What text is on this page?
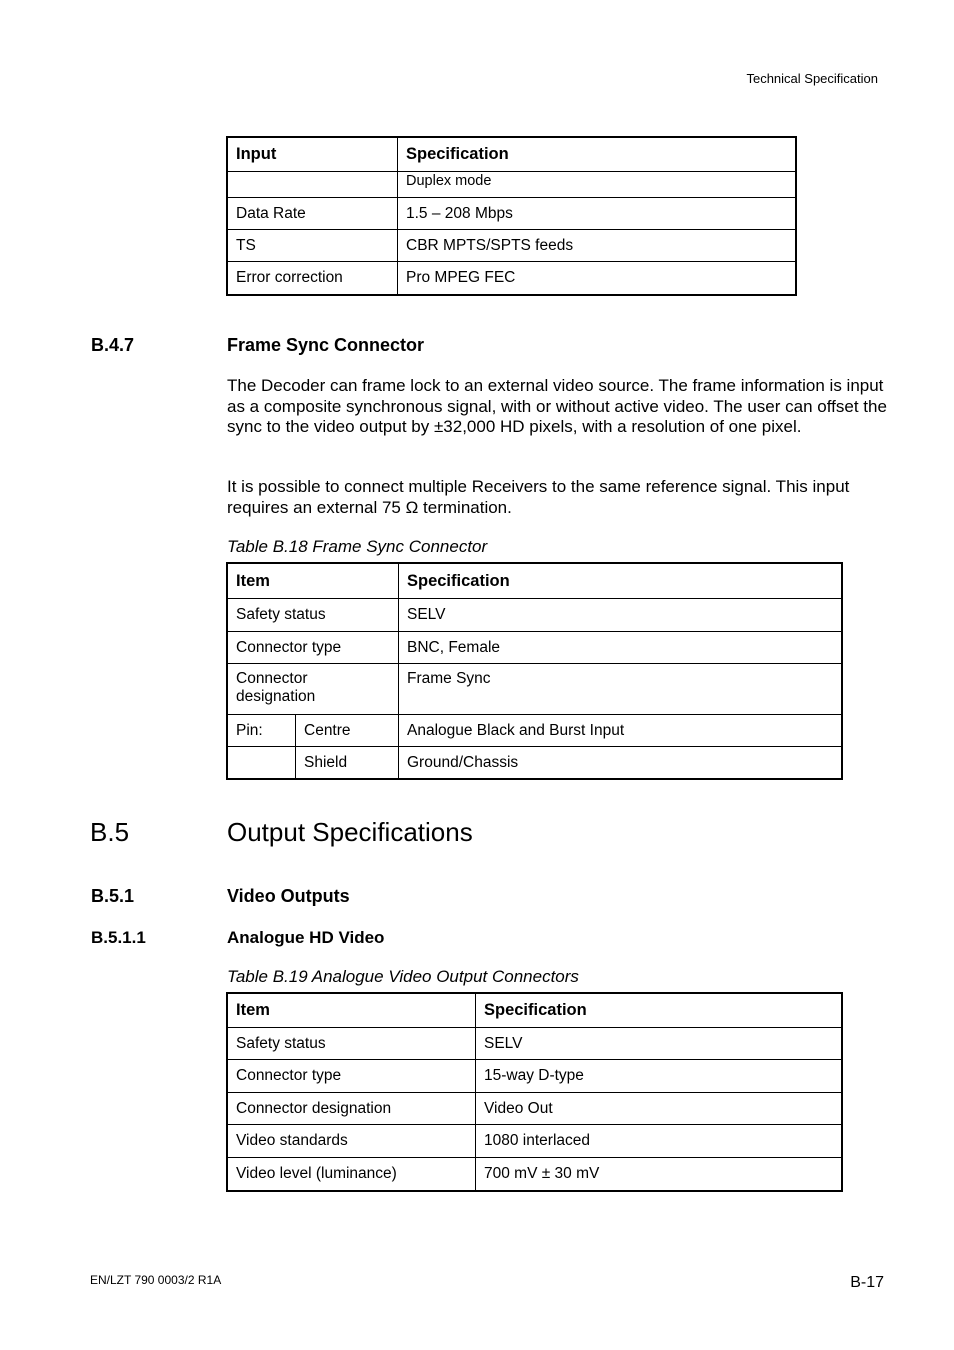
Technical Specification
Input	Specification
	Duplex mode
Data Rate	1.5 – 208 Mbps
TS	CBR MPTS/SPTS feeds
Error correction	Pro MPEG FEC
B.4.7	Frame Sync Connector
The Decoder can frame lock to an external video source. The frame information is input as a composite synchronous signal, with or without active video. The user can offset the sync to the video output by ±32,000 HD pixels, with a resolution of one pixel.
It is possible to connect multiple Receivers to the same reference signal. This input requires an external 75 Ω termination.
Table B.18 Frame Sync Connector
Item		Specification
Safety status		SELV
Connector type		BNC, Female
Connector designation		Frame Sync
Pin:	Centre	Analogue Black and Burst Input
	Shield	Ground/Chassis
B.5	Output Specifications
B.5.1	Video Outputs
B.5.1.1	Analogue HD Video
Table B.19 Analogue Video Output Connectors
Item	Specification
Safety status	SELV
Connector type	15-way D-type
Connector designation	Video Out
Video standards	1080 interlaced
Video level (luminance)	700 mV ± 30 mV
EN/LZT 790 0003/2 R1A	B-17
